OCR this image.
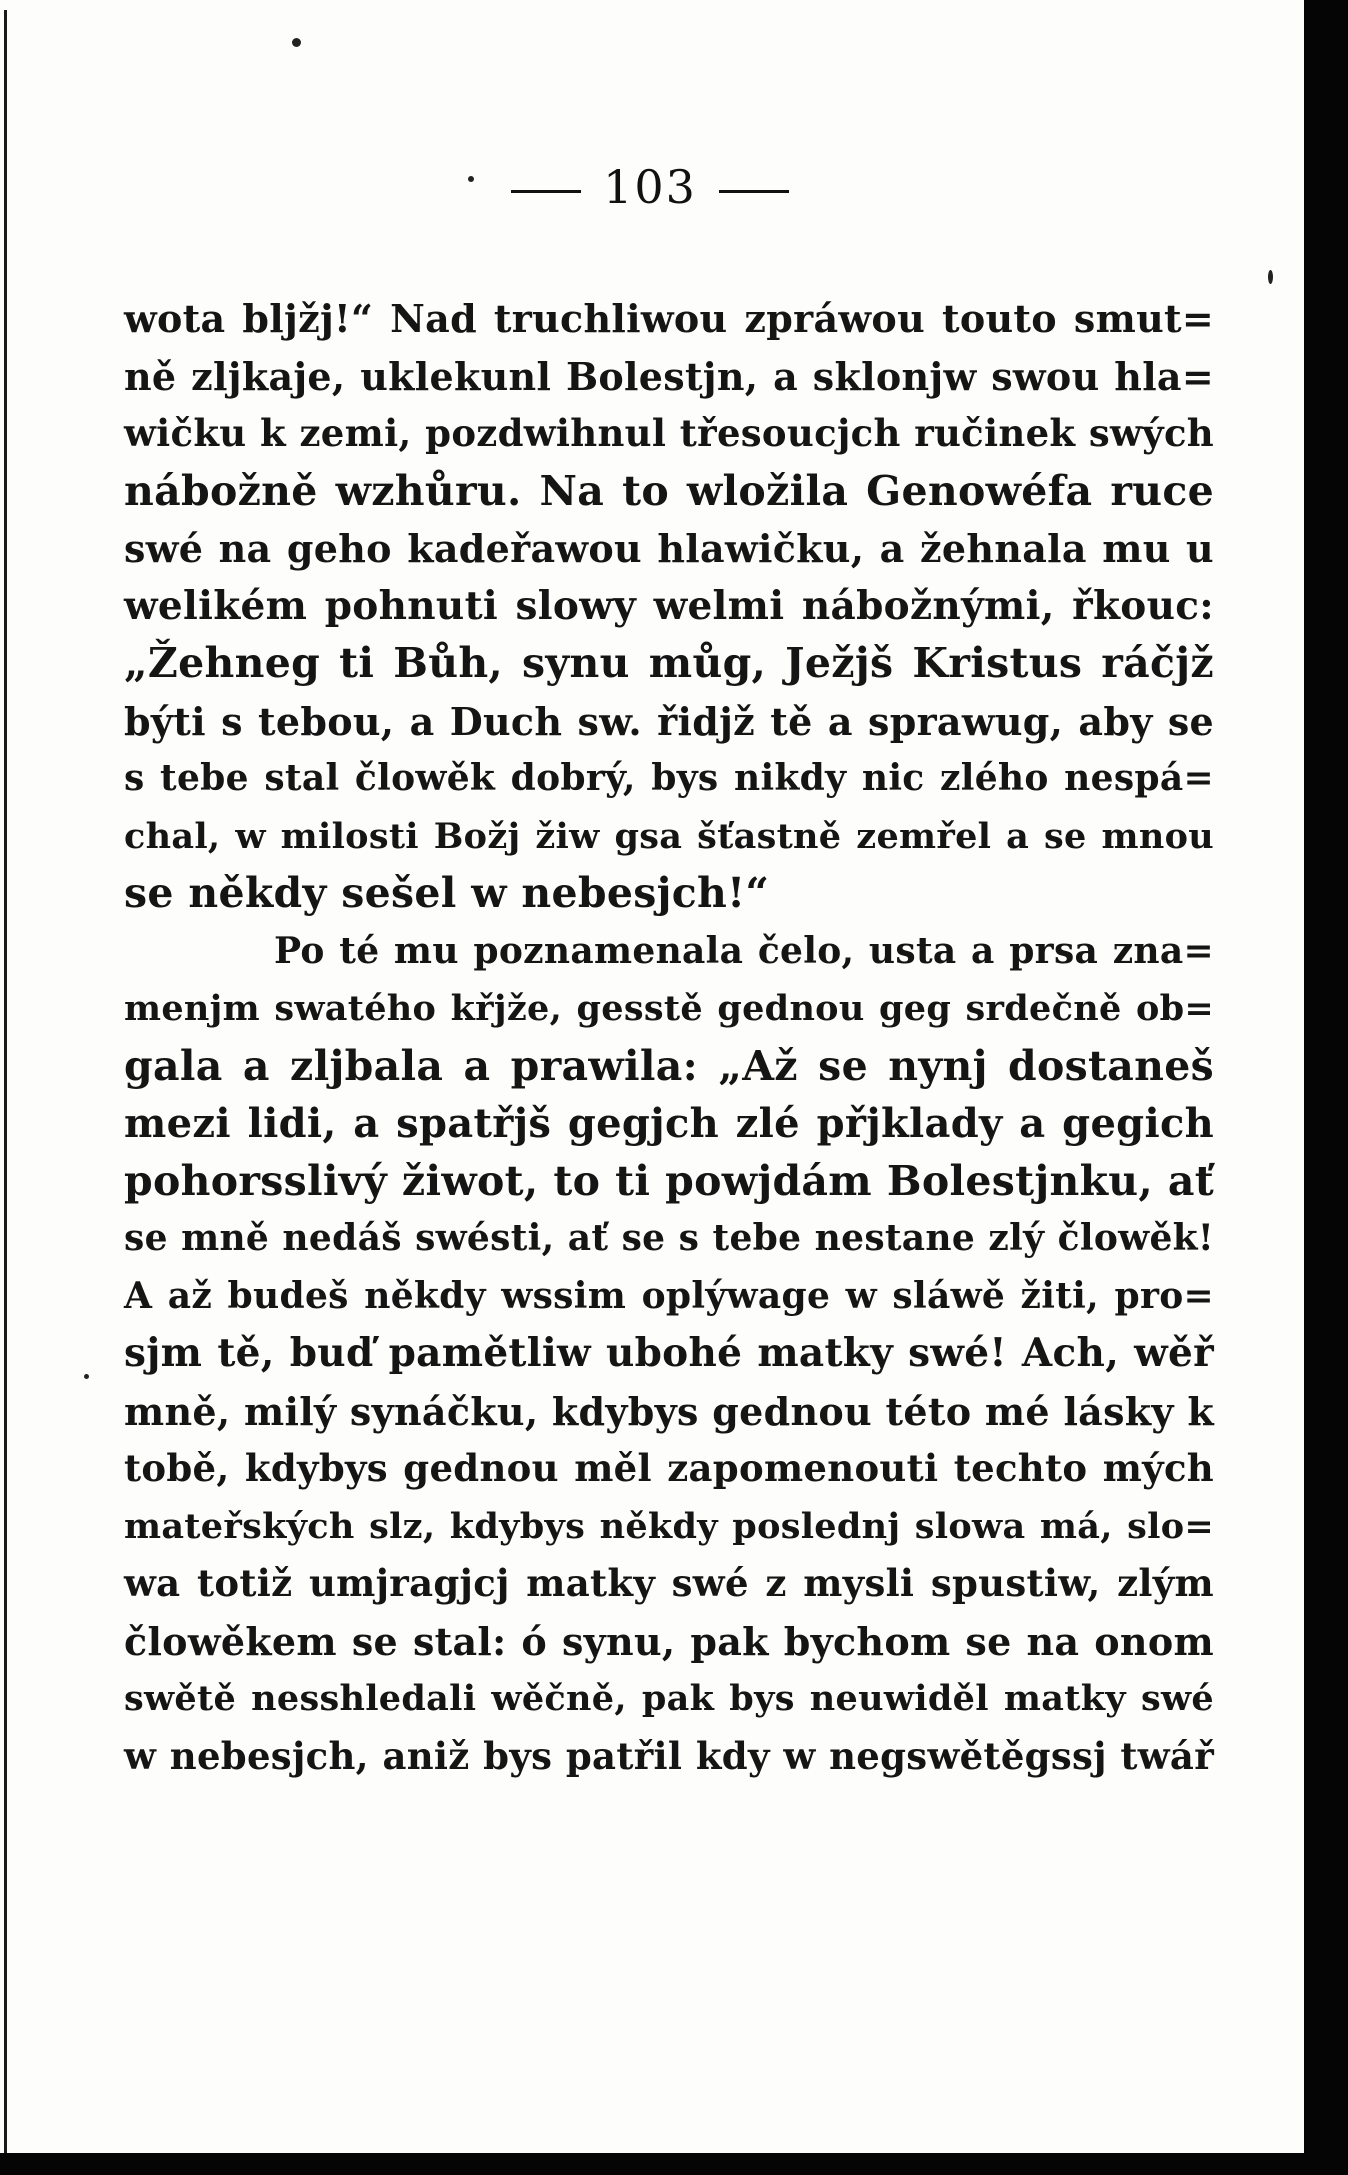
103
wota bljžj!“ Nad truchliwou zpráwou touto smut=
ně zljkaje, uklekunl Bolestjn, a sklonjw swou hla=
wičku k zemi, pozdwihnul třesoucjch ručinek swých
nábožně wzhůru. Na to wložila Genowéfa ruce
swé na geho kadeřawou hlawičku, a žehnala mu u
welikém pohnuti slowy welmi nábožnými, řkouc:
„Žehneg ti Bůh, synu můg, Ježjš Kristus ráčjž
býti s tebou, a Duch sw. řidjž tě a sprawug, aby se
s tebe stal člowěk dobrý, bys nikdy nic zlého nespá=
chal, w milosti Božj žiw gsa šťastně zemřel a se mnou
se někdy sešel w nebesjch!“
Po té mu poznamenala čelo, usta a prsa zna=
menjm swatého křjže, gesstě gednou geg srdečně ob=
gala a zljbala a prawila: „Až se nynj dostaneš
mezi lidi, a spatřjš gegjch zlé přjklady a gegich
pohorsslivý žiwot, to ti powjdám Bolestjnku, ať
se mně nedáš swésti, ať se s tebe nestane zlý člowěk!
A až budeš někdy wssim oplýwage w sláwě žiti, pro=
sjm tě, buď pamětliw ubohé matky swé! Ach, wěř
mně, milý synáčku, kdybys gednou této mé lásky k
tobě, kdybys gednou měl zapomenouti techto mých
mateřských slz, kdybys někdy poslednj slowa má, slo=
wa totiž umjragjcj matky swé z mysli spustiw, zlým
člowěkem se stal: ó synu, pak bychom se na onom
swětě nesshledali wěčně, pak bys neuwiděl matky swé
w nebesjch, aniž bys patřil kdy w negswětěgssj twář
